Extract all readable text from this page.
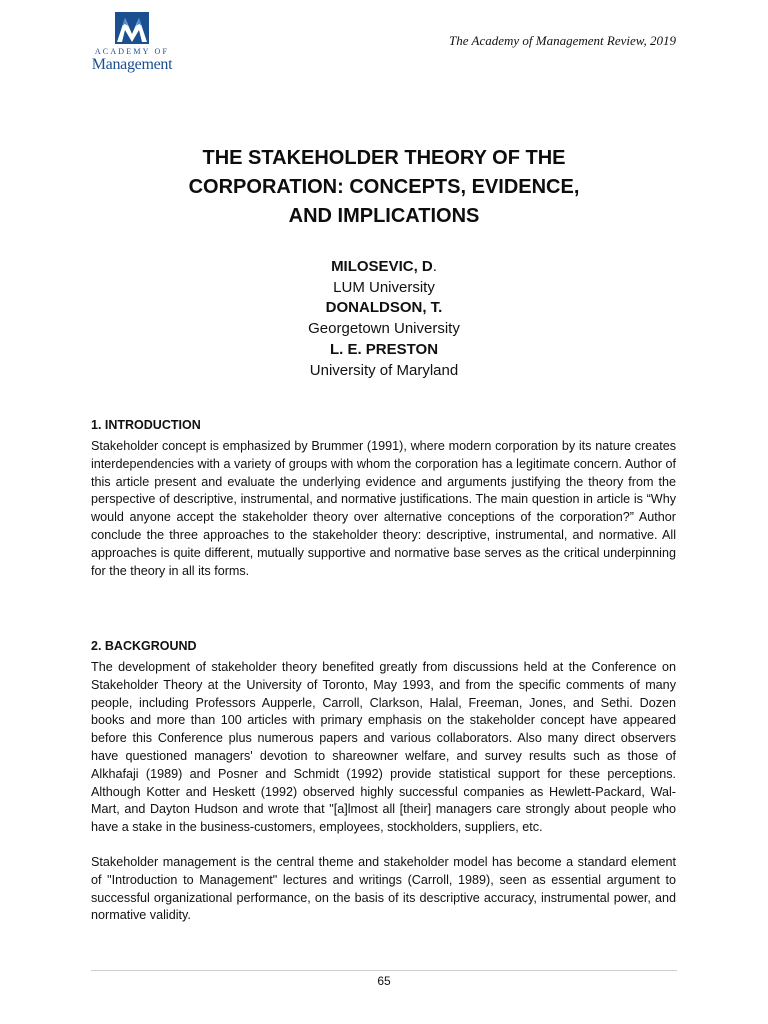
ACADEMY OF
Management
The Academy of Management Review, 2019
THE STAKEHOLDER THEORY OF THE
CORPORATION: CONCEPTS, EVIDENCE,
AND IMPLICATIONS
MILOSEVIC, D.
LUM University
DONALDSON, T.
Georgetown University
L. E. PRESTON
University of Maryland
1. INTRODUCTION

Stakeholder concept is emphasized by Brummer (1991), where modern corporation by its nature creates interdependencies with a variety of groups with whom the corporation has a legitimate concern. Author of this article present and evaluate the underlying evidence and arguments justifying the theory from the perspective of descriptive, instrumental, and normative justifications. The main question in article is “Why would anyone accept the stakeholder theory over alternative conceptions of the corporation?” Author conclude the three approaches to the stakeholder theory: descriptive, instrumental, and normative. All approaches is quite different, mutually supportive and normative base serves as the critical underpinning for the theory in all its forms.

2. BACKGROUND

The development of stakeholder theory benefited greatly from discussions held at the Conference on Stakeholder Theory at the University of Toronto, May 1993, and from the specific comments of many people, including Professors Aupperle, Carroll, Clarkson, Halal, Freeman, Jones, and Sethi. Dozen books and more than 100 articles with primary emphasis on the stakeholder concept have appeared before this Conference plus numerous papers and various collaborators. Also many direct observers have questioned managers' devotion to shareowner welfare, and survey results such as those of Alkhafaji (1989) and Posner and Schmidt (1992) provide statistical support for these perceptions. Although Kotter and Heskett (1992) observed highly successful companies as Hewlett-Packard, Wal-Mart, and Dayton Hudson and wrote that "[a]lmost all [their] managers care strongly about people who have a stake in the business-customers, employees, stockholders, suppliers, etc.

Stakeholder management is the central theme and stakeholder model has become a standard element of "Introduction to Management" lectures and writings (Carroll, 1989), seen as essential argument to successful organizational performance, on the basis of its descriptive accuracy, instrumental power, and normative validity.

65
